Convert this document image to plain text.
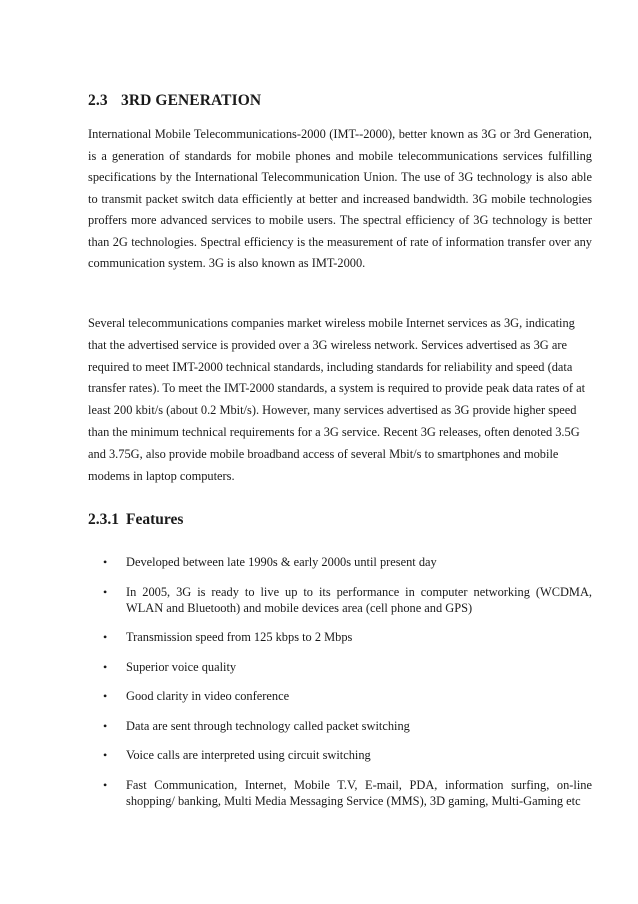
2.3 3RD GENERATION

International Mobile Telecommunications-2000 (IMT--2000), better known as 3G or 3rd Generation, is a generation of standards for mobile phones and mobile telecommunications services fulfilling specifications by the International Telecommunication Union. The use of 3G technology is also able to transmit packet switch data efficiently at better and increased bandwidth. 3G mobile technologies proffers more advanced services to mobile users. The spectral efficiency of 3G technology is better than 2G technologies. Spectral efficiency is the measurement of rate of information transfer over any communication system. 3G is also known as IMT-2000.

Several telecommunications companies market wireless mobile Internet services as 3G, indicating that the advertised service is provided over a 3G wireless network. Services advertised as 3G are required to meet IMT-2000 technical standards, including standards for reliability and speed (data transfer rates). To meet the IMT-2000 standards, a system is required to provide peak data rates of at least 200 kbit/s (about 0.2 Mbit/s). However, many services advertised as 3G provide higher speed than the minimum technical requirements for a 3G service. Recent 3G releases, often denoted 3.5G and 3.75G, also provide mobile broadband access of several Mbit/s to smartphones and mobile modems in laptop computers.

2.3.1 Features
• Developed between late 1990s & early 2000s until present day
• In 2005, 3G is ready to live up to its performance in computer networking (WCDMA, WLAN and Bluetooth) and mobile devices area (cell phone and GPS)
• Transmission speed from 125 kbps to 2 Mbps
• Superior voice quality
• Good clarity in video conference
• Data are sent through technology called packet switching
• Voice calls are interpreted using circuit switching
• Fast Communication, Internet, Mobile T.V, E-mail, PDA, information surfing, on-line shopping/ banking, Multi Media Messaging Service (MMS), 3D gaming, Multi-Gaming etc
